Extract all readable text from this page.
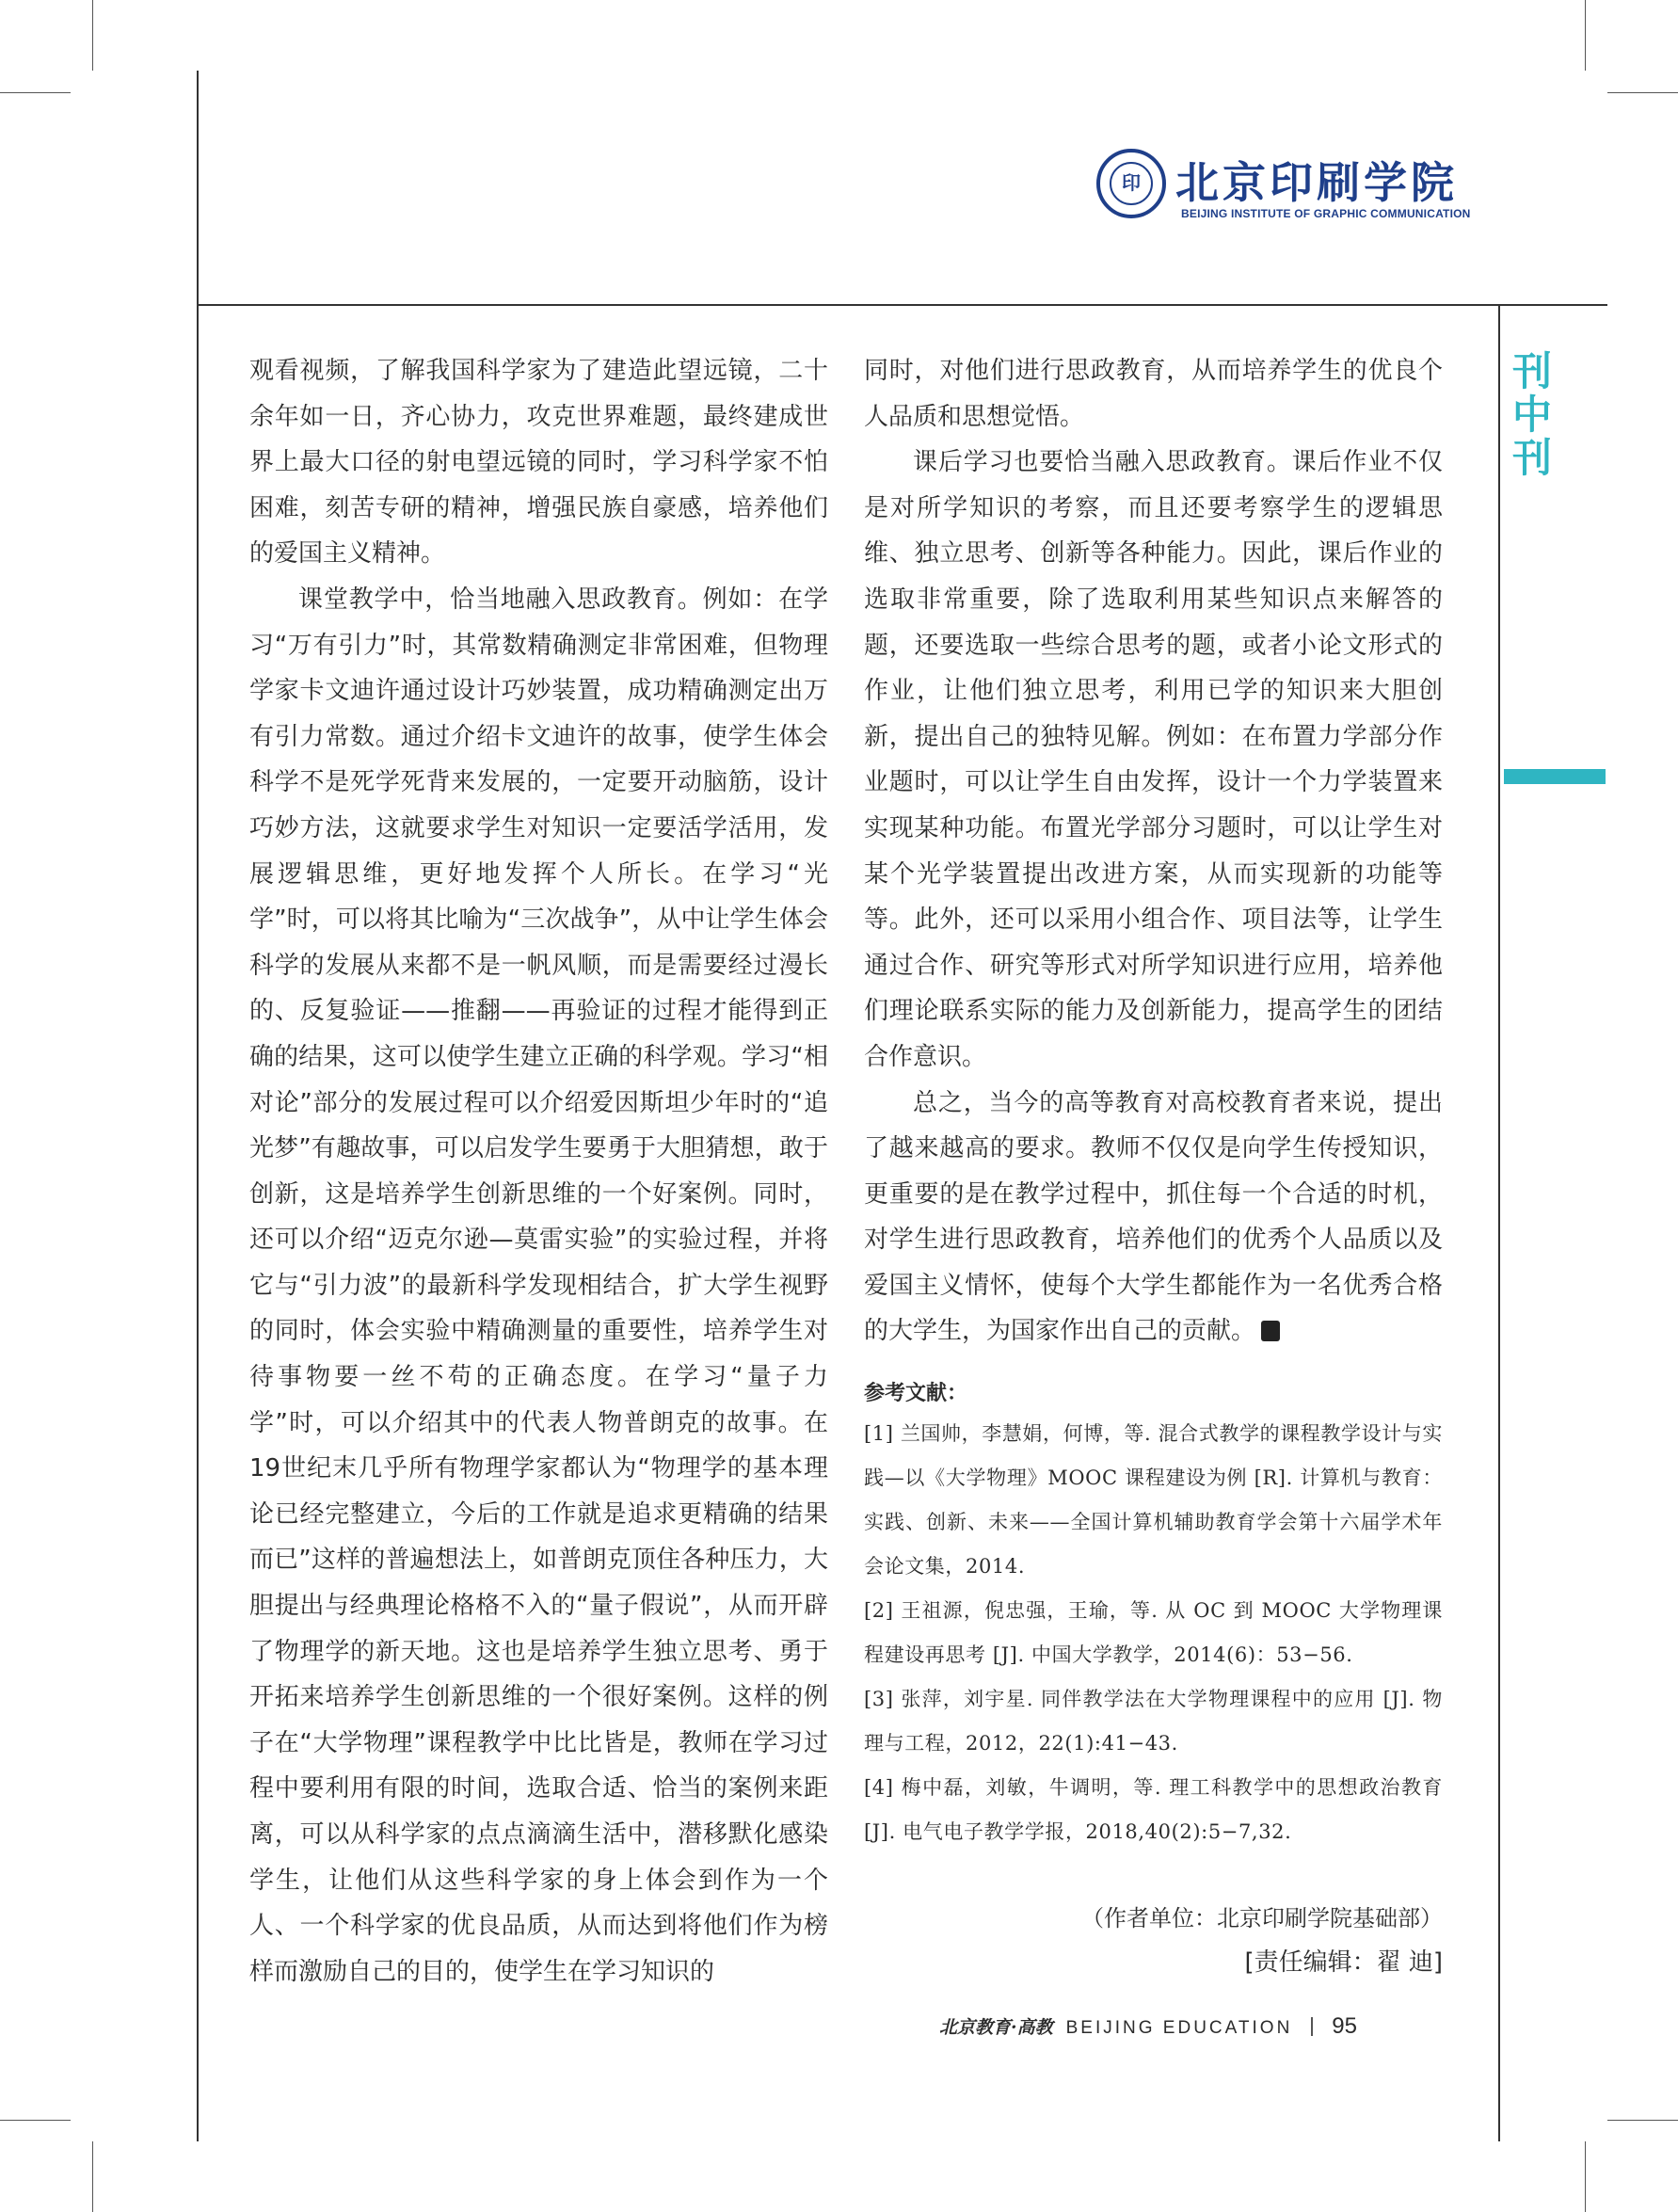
印 北京印刷学院
BEIJING INSTITUTE OF GRAPHIC COMMUNICATION
刊
中
刊

观看视频，了解我国科学家为了建造此望远镜，二十余年如一日，齐心协力，攻克世界难题，最终建成世界上最大口径的射电望远镜的同时，学习科学家不怕困难，刻苦专研的精神，增强民族自豪感，培养他们的爱国主义精神。

课堂教学中，恰当地融入思政教育。例如：在学习“万有引力”时，其常数精确测定非常困难，但物理学家卡文迪许通过设计巧妙装置，成功精确测定出万有引力常数。通过介绍卡文迪许的故事，使学生体会科学不是死学死背来发展的，一定要开动脑筋，设计巧妙方法，这就要求学生对知识一定要活学活用，发展逻辑思维，更好地发挥个人所长。在学习“光学”时，可以将其比喻为“三次战争”，从中让学生体会科学的发展从来都不是一帆风顺，而是需要经过漫长的、反复验证——推翻——再验证的过程才能得到正确的结果，这可以使学生建立正确的科学观。学习“相对论”部分的发展过程可以介绍爱因斯坦少年时的“追光梦”有趣故事，可以启发学生要勇于大胆猜想，敢于创新，这是培养学生创新思维的一个好案例。同时，还可以介绍“迈克尔逊—莫雷实验”的实验过程，并将它与“引力波”的最新科学发现相结合，扩大学生视野的同时，体会实验中精确测量的重要性，培养学生对待事物要一丝不苟的正确态度。在学习“量子力学”时，可以介绍其中的代表人物普朗克的故事。在19世纪末几乎所有物理学家都认为“物理学的基本理论已经完整建立，今后的工作就是追求更精确的结果而已”这样的普遍想法上，如普朗克顶住各种压力，大胆提出与经典理论格格不入的“量子假说”，从而开辟了物理学的新天地。这也是培养学生独立思考、勇于开拓来培养学生创新思维的一个很好案例。这样的例子在“大学物理”课程教学中比比皆是，教师在学习过程中要利用有限的时间，选取合适、恰当的案例来距离，可以从科学家的点点滴滴生活中，潜移默化感染学生，让他们从这些科学家的身上体会到作为一个人、一个科学家的优良品质，从而达到将他们作为榜样而激励自己的目的，使学生在学习知识的

同时，对他们进行思政教育，从而培养学生的优良个人品质和思想觉悟。

课后学习也要恰当融入思政教育。课后作业不仅是对所学知识的考察，而且还要考察学生的逻辑思维、独立思考、创新等各种能力。因此，课后作业的选取非常重要，除了选取利用某些知识点来解答的题，还要选取一些综合思考的题，或者小论文形式的作业，让他们独立思考，利用已学的知识来大胆创新，提出自己的独特见解。例如：在布置力学部分作业题时，可以让学生自由发挥，设计一个力学装置来实现某种功能。布置光学部分习题时，可以让学生对某个光学装置提出改进方案，从而实现新的功能等等。此外，还可以采用小组合作、项目法等，让学生通过合作、研究等形式对所学知识进行应用，培养他们理论联系实际的能力及创新能力，提高学生的团结合作意识。

总之，当今的高等教育对高校教育者来说，提出了越来越高的要求。教师不仅仅是向学生传授知识，更重要的是在教学过程中，抓住每一个合适的时机，对学生进行思政教育，培养他们的优秀个人品质以及爱国主义情怀，使每个大学生都能作为一名优秀合格的大学生，为国家作出自己的贡献。

参考文献：

[1] 兰国帅，李慧娟，何博，等. 混合式教学的课程教学设计与实践—以《大学物理》MOOC 课程建设为例 [R]. 计算机与教育：实践、创新、未来——全国计算机辅助教育学会第十六届学术年会论文集，2014.

[2] 王祖源，倪忠强，王瑜，等. 从 OC 到 MOOC 大学物理课程建设再思考 [J]. 中国大学教学，2014(6)：53−56.

[3] 张萍，刘宇星. 同伴教学法在大学物理课程中的应用 [J]. 物理与工程，2012，22(1):41−43.

[4] 梅中磊，刘敏，牛调明，等. 理工科教学中的思想政治教育 [J]. 电气电子教学学报，2018,40(2):5−7,32.

（作者单位：北京印刷学院基础部）

[责任编辑：翟 迪]

北京教育·高教 BEIJING EDUCATION 95
